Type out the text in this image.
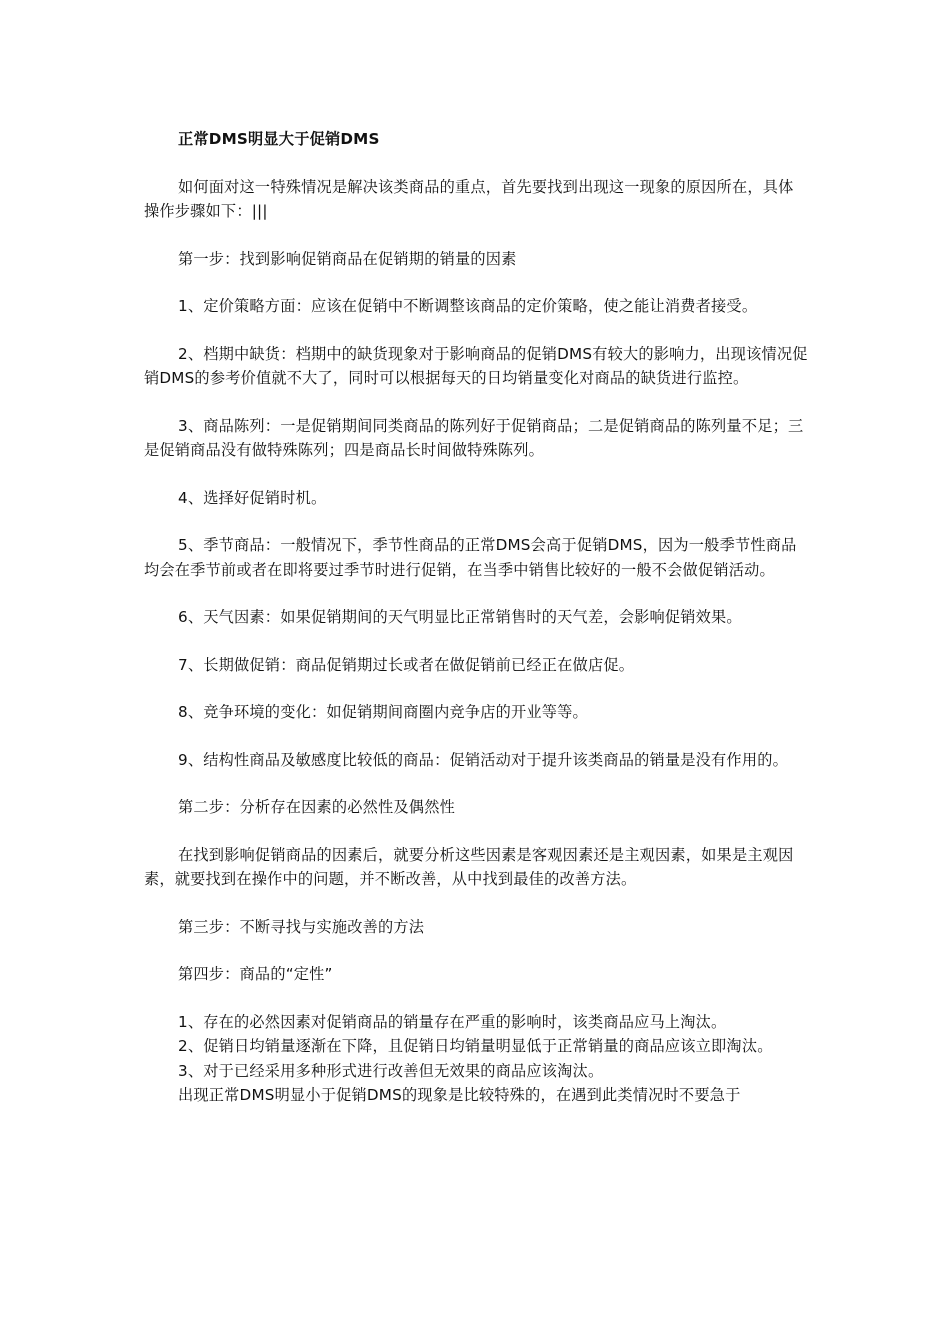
正常DMS明显大于促销DMS

如何面对这一特殊情况是解决该类商品的重点，首先要找到出现这一现象的原因所在，具体操作步骤如下：|||

第一步：找到影响促销商品在促销期的销量的因素

1、定价策略方面：应该在促销中不断调整该商品的定价策略，使之能让消费者接受。

2、档期中缺货：档期中的缺货现象对于影响商品的促销DMS有较大的影响力，出现该情况促销DMS的参考价值就不大了，同时可以根据每天的日均销量变化对商品的缺货进行监控。

3、商品陈列：一是促销期间同类商品的陈列好于促销商品；二是促销商品的陈列量不足；三是促销商品没有做特殊陈列；四是商品长时间做特殊陈列。

4、选择好促销时机。

5、季节商品：一般情况下，季节性商品的正常DMS会高于促销DMS，因为一般季节性商品均会在季节前或者在即将要过季节时进行促销，在当季中销售比较好的一般不会做促销活动。

6、天气因素：如果促销期间的天气明显比正常销售时的天气差，会影响促销效果。

7、长期做促销：商品促销期过长或者在做促销前已经正在做店促。

8、竞争环境的变化：如促销期间商圈内竞争店的开业等等。

9、结构性商品及敏感度比较低的商品：促销活动对于提升该类商品的销量是没有作用的。

第二步：分析存在因素的必然性及偶然性

在找到影响促销商品的因素后，就要分析这些因素是客观因素还是主观因素，如果是主观因素，就要找到在操作中的问题，并不断改善，从中找到最佳的改善方法。

第三步：不断寻找与实施改善的方法

第四步：商品的“定性”

1、存在的必然因素对促销商品的销量存在严重的影响时，该类商品应马上淘汰。

2、促销日均销量逐渐在下降，且促销日均销量明显低于正常销量的商品应该立即淘汰。

3、对于已经采用多种形式进行改善但无效果的商品应该淘汰。

出现正常DMS明显小于促销DMS的现象是比较特殊的，在遇到此类情况时不要急于
